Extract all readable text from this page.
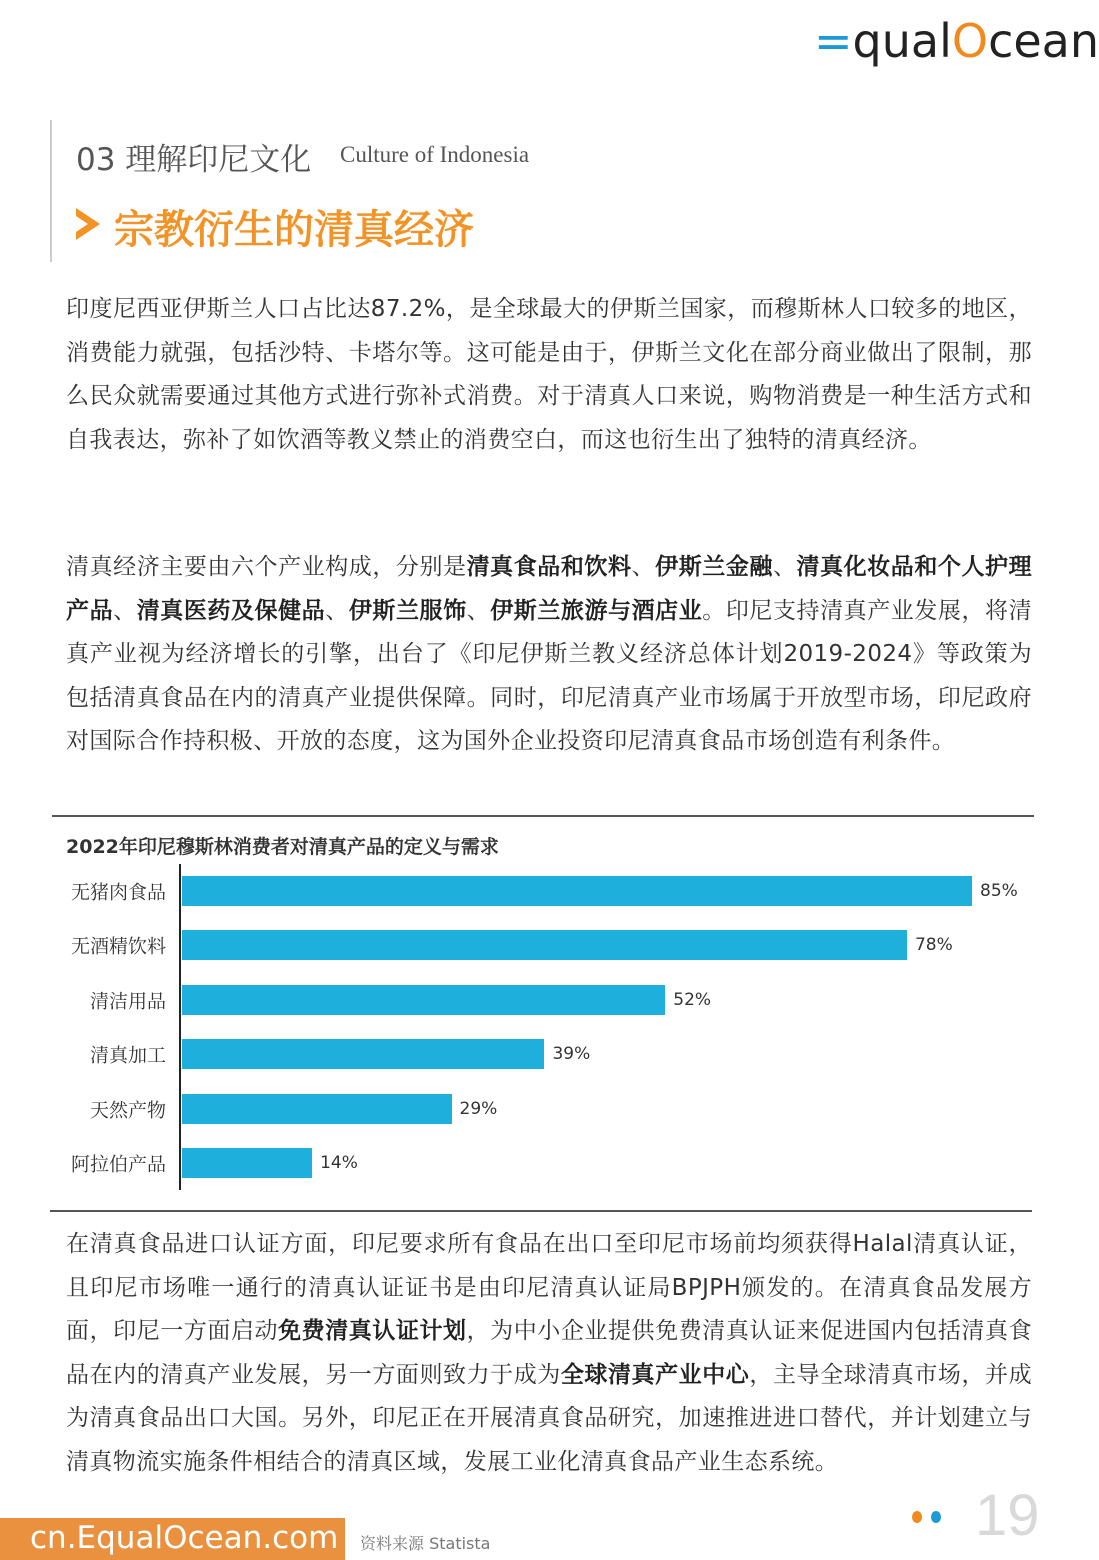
=qualOcean
03 理解印尼文化 Culture of Indonesia
宗教衍生的清真经济
印度尼西亚伊斯兰人口占比达87.2%，是全球最大的伊斯兰国家，而穆斯林人口较多的地区，消费能力就强，包括沙特、卡塔尔等。这可能是由于，伊斯兰文化在部分商业做出了限制，那么民众就需要通过其他方式进行弥补式消费。对于清真人口来说，购物消费是一种生活方式和自我表达，弥补了如饮酒等教义禁止的消费空白，而这也衍生出了独特的清真经济。
清真经济主要由六个产业构成，分别是清真食品和饮料、伊斯兰金融、清真化妆品和个人护理产品、清真医药及保健品、伊斯兰服饰、伊斯兰旅游与酒店业。印尼支持清真产业发展，将清真产业视为经济增长的引擎，出台了《印尼伊斯兰教义经济总体计划2019-2024》等政策为包括清真食品在内的清真产业提供保障。同时，印尼清真产业市场属于开放型市场，印尼政府对国际合作持积极、开放的态度，这为国外企业投资印尼清真食品市场创造有利条件。
2022年印尼穆斯林消费者对清真产品的定义与需求
无猪肉食品	85%
无酒精饮料	78%
清洁用品	52%
清真加工	39%
天然产物	29%
阿拉伯产品	14%
在清真食品进口认证方面，印尼要求所有食品在出口至印尼市场前均须获得Halal清真认证，且印尼市场唯一通行的清真认证证书是由印尼清真认证局BPJPH颁发的。在清真食品发展方面，印尼一方面启动免费清真认证计划，为中小企业提供免费清真认证来促进国内包括清真食品在内的清真产业发展，另一方面则致力于成为全球清真产业中心，主导全球清真市场，并成为清真食品出口大国。另外，印尼正在开展清真食品研究，加速推进进口替代，并计划建立与清真物流实施条件相结合的清真区域，发展工业化清真食品产业生态系统。
cn.EqualOcean.com	资料来源 Statista	19
